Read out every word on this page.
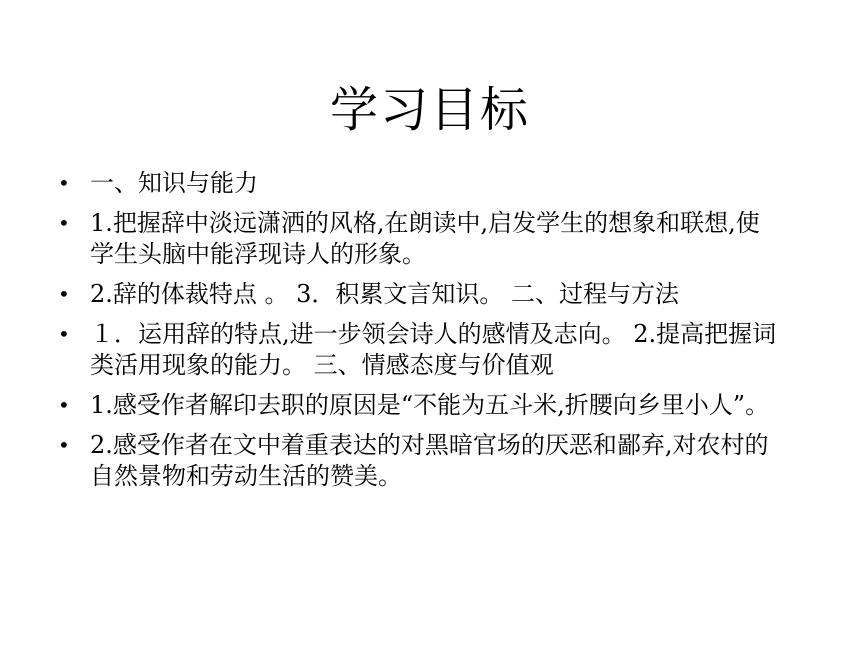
学习目标
• 一、知识与能力
• 1.把握辞中淡远潇洒的风格,在朗读中,启发学生的想象和联想,使学生头脑中能浮现诗人的形象。
• 2.辞的体裁特点 。 3．积累文言知识。 二、过程与方法
• １．运用辞的特点,进一步领会诗人的感情及志向。 2.提高把握词类活用现象的能力。 三、情感态度与价值观
• 1.感受作者解印去职的原因是“不能为五斗米,折腰向乡里小人”。
• 2.感受作者在文中着重表达的对黑暗官场的厌恶和鄙弃,对农村的自然景物和劳动生活的赞美。
